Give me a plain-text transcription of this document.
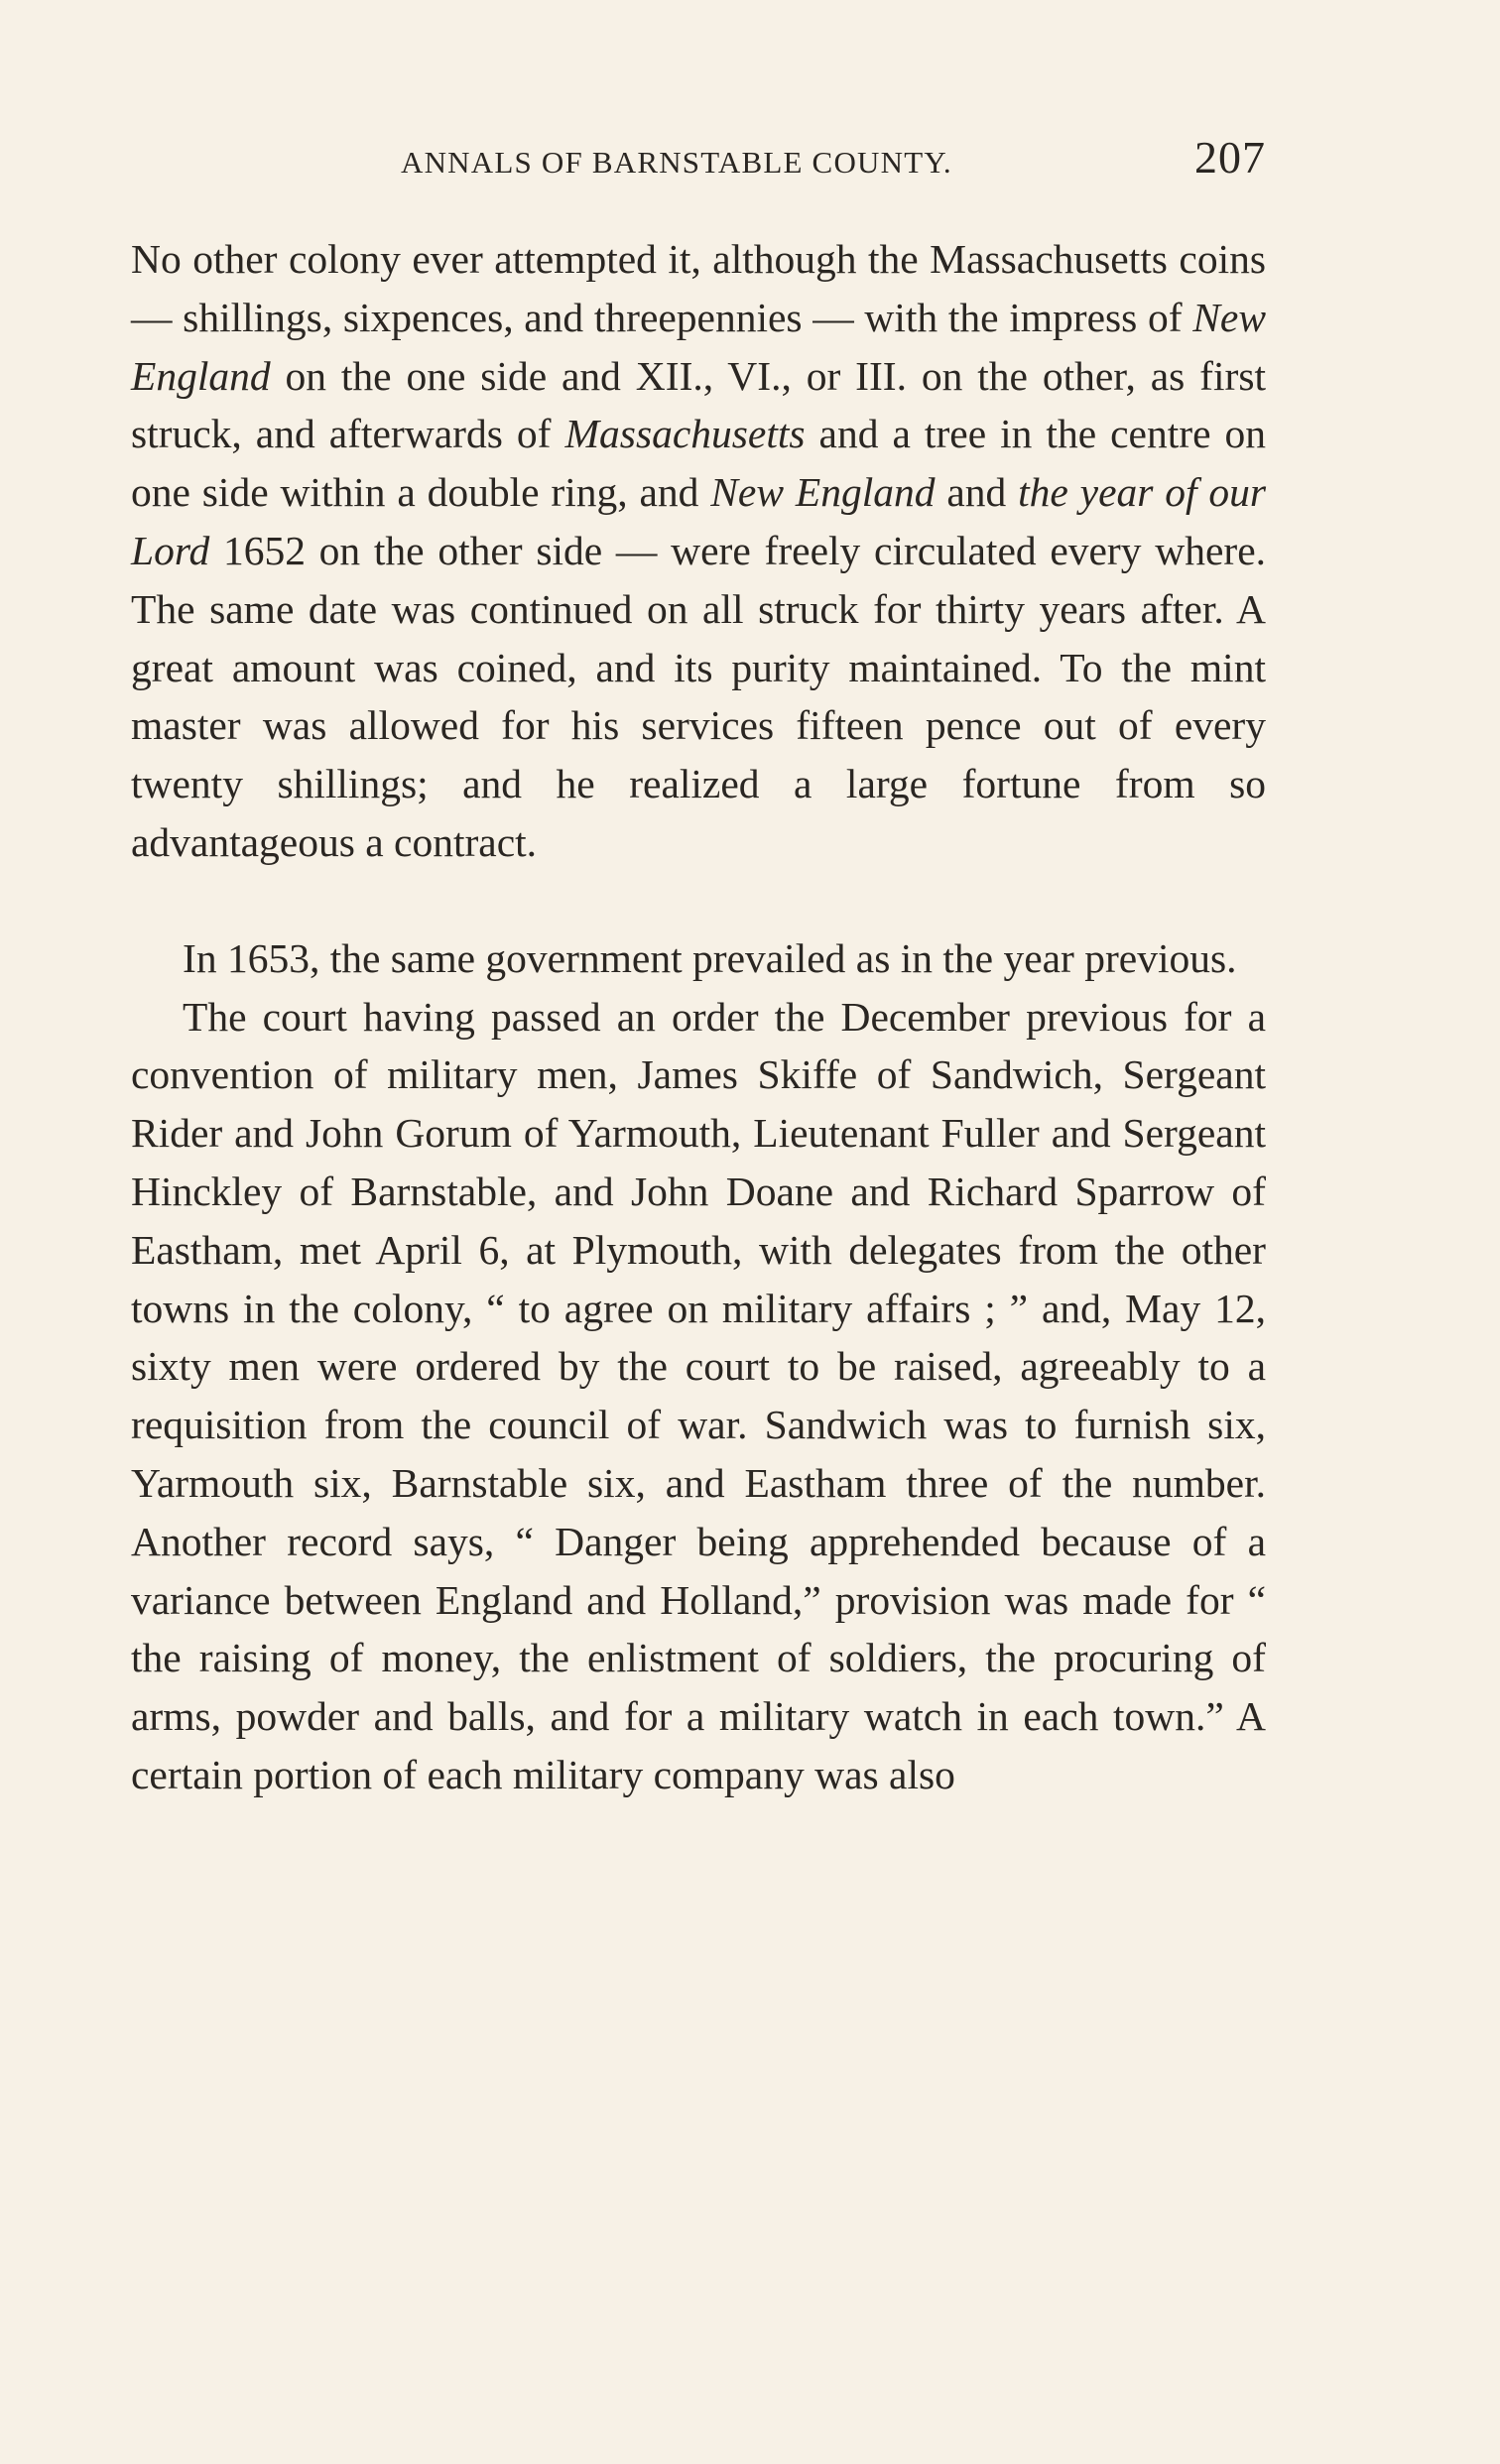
ANNALS OF BARNSTABLE COUNTY.	207

No other colony ever attempted it, although the Massachusetts coins — shillings, sixpences, and threepennies — with the impress of New England on the one side and XII., VI., or III. on the other, as first struck, and afterwards of Massachusetts and a tree in the centre on one side within a double ring, and New England and the year of our Lord 1652 on the other side — were freely circulated every where. The same date was continued on all struck for thirty years after. A great amount was coined, and its purity maintained. To the mint master was allowed for his services fifteen pence out of every twenty shillings; and he realized a large fortune from so advantageous a contract.

In 1653, the same government prevailed as in the year previous.

The court having passed an order the December previous for a convention of military men, James Skiffe of Sandwich, Sergeant Rider and John Gorum of Yarmouth, Lieutenant Fuller and Sergeant Hinckley of Barnstable, and John Doane and Richard Sparrow of Eastham, met April 6, at Plymouth, with delegates from the other towns in the colony, “ to agree on military affairs ; ” and, May 12, sixty men were ordered by the court to be raised, agreeably to a requisition from the council of war. Sandwich was to furnish six, Yarmouth six, Barnstable six, and Eastham three of the number. Another record says, “ Danger being apprehended because of a variance between England and Holland,” provision was made for “ the raising of money, the enlistment of soldiers, the procuring of arms, powder and balls, and for a military watch in each town.” A certain portion of each military company was also
